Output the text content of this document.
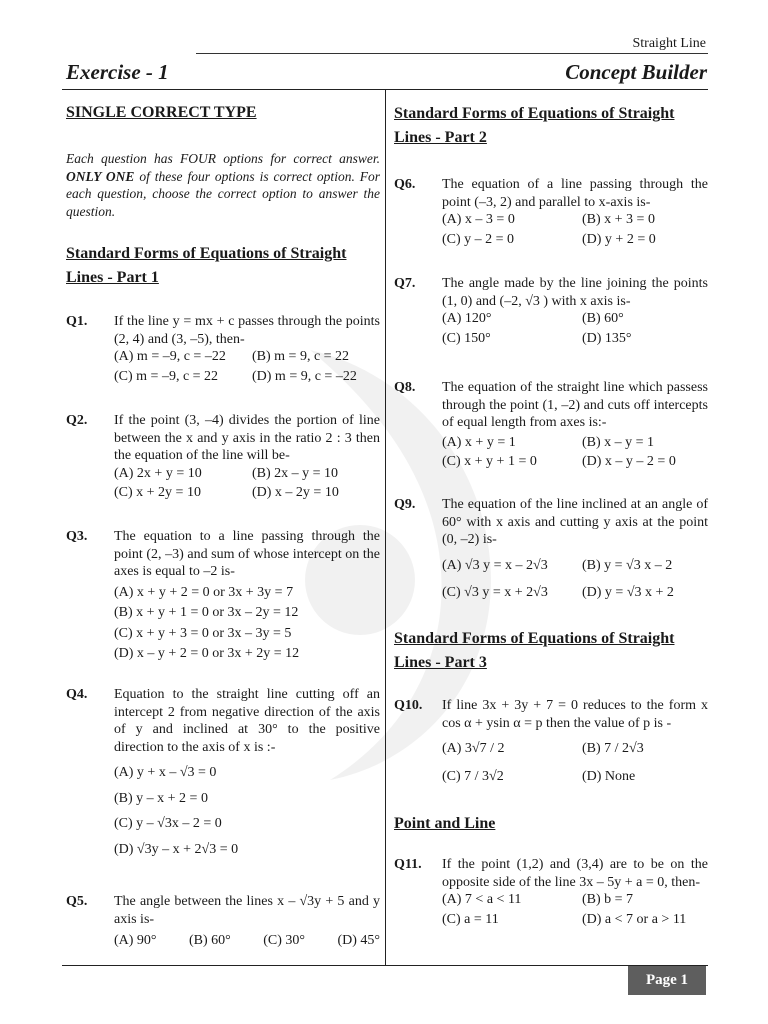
Straight Line
Exercise - 1	Concept Builder
SINGLE CORRECT TYPE
Each question has FOUR options for correct answer. ONLY ONE of these four options is correct option. For each question, choose the correct option to answer the question.
Standard Forms of Equations of Straight Lines - Part 1
Q1. If the line y = mx + c passes through the points (2, 4) and (3, –5), then-
(A) m = –9, c = –22	(B) m = 9, c = 22
(C) m = –9, c = 22	(D) m = 9, c = –22
Q2. If the point (3, –4) divides the portion of line between the x and y axis in the ratio 2 : 3 then the equation of the line will be-
(A) 2x + y = 10	(B) 2x – y = 10
(C) x + 2y = 10	(D) x – 2y = 10
Q3. The equation to a line passing through the point (2, –3) and sum of whose intercept on the axes is equal to –2 is-
(A) x + y + 2 = 0 or 3x + 3y = 7
(B) x + y + 1 = 0 or 3x – 2y = 12
(C) x + y + 3 = 0 or 3x – 3y = 5
(D) x – y + 2 = 0 or 3x + 2y = 12
Q4. Equation to the straight line cutting off an intercept 2 from negative direction of the axis of y and inclined at 30° to the positive direction to the axis of x is :-
(A) y + x – √3 = 0
(B) y – x + 2 = 0
(C) y – √3x – 2 = 0
(D) √3y – x + 2√3 = 0
Q5. The angle between the lines x – √3y + 5 and y axis is-
(A) 90° (B) 60° (C) 30° (D) 45°
Standard Forms of Equations of Straight Lines - Part 2
Q6. The equation of a line passing through the point (–3, 2) and parallel to x-axis is-
(A) x – 3 = 0	(B) x + 3 = 0
(C) y – 2 = 0	(D) y + 2 = 0
Q7. The angle made by the line joining the points (1, 0) and (–2, √3 ) with x axis is-
(A) 120°	(B) 60°
(C) 150°	(D) 135°
Q8. The equation of the straight line which passess through the point (1, –2) and cuts off intercepts of equal length from axes is:-
(A) x + y = 1	(B) x – y = 1
(C) x + y + 1 = 0	(D) x – y – 2 = 0
Q9. The equation of the line inclined at an angle of 60° with x axis and cutting y axis at the point (0, –2) is-
(A) √3 y = x – 2√3	(B) y = √3 x – 2
(C) √3 y = x + 2√3	(D) y = √3 x + 2
Standard Forms of Equations of Straight Lines - Part 3
Q10. If line 3x + 3y + 7 = 0 reduces to the form x cos α + ysin α = p then the value of p is -
(A) 3√7 / 2	(B) 7 / 2√3
(C) 7 / 3√2	(D) None
Point and Line
Q11. If the point (1,2) and (3,4) are to be on the opposite side of the line 3x – 5y + a = 0, then-
(A) 7 < a < 11	(B) b = 7
(C) a = 11	(D) a < 7 or a > 11
Page 1
